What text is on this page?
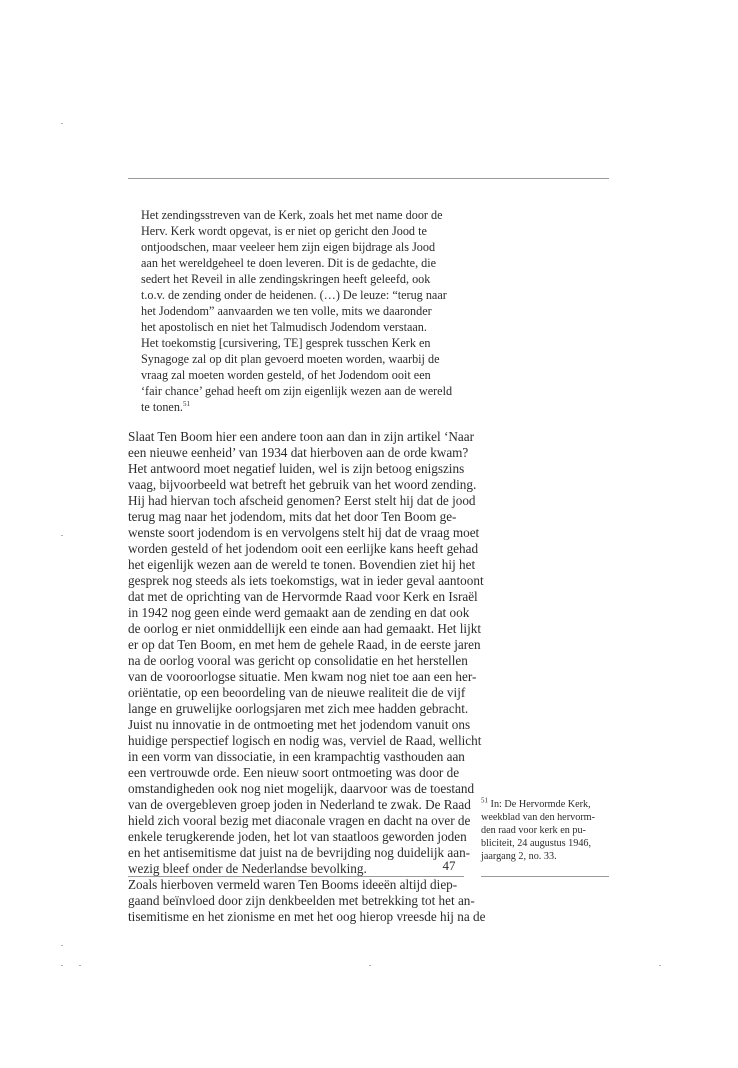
Het zendingsstreven van de Kerk, zoals het met name door de
Herv. Kerk wordt opgevat, is er niet op gericht den Jood te
ontjoodschen, maar veeleer hem zijn eigen bijdrage als Jood
aan het wereldgeheel te doen leveren. Dit is de gedachte, die
sedert het Reveil in alle zendingskringen heeft geleefd, ook
t.o.v. de zending onder de heidenen. (…) De leuze: “terug naar
het Jodendom” aanvaarden we ten volle, mits we daaronder
het apostolisch en niet het Talmudisch Jodendom verstaan.
Het toekomstig [cursivering, TE] gesprek tusschen Kerk en
Synagoge zal op dit plan gevoerd moeten worden, waarbij de
vraag zal moeten worden gesteld, of het Jodendom ooit een
‘fair chance’ gehad heeft om zijn eigenlijk wezen aan de wereld
te tonen.$^{51}$
Slaat Ten Boom hier een andere toon aan dan in zijn artikel ‘Naar
een nieuwe eenheid’ van 1934 dat hierboven aan de orde kwam?
Het antwoord moet negatief luiden, wel is zijn betoog enigszins
vaag, bijvoorbeeld wat betreft het gebruik van het woord zending.
Hij had hiervan toch afscheid genomen? Eerst stelt hij dat de jood
terug mag naar het jodendom, mits dat het door Ten Boom ge-
wenste soort jodendom is en vervolgens stelt hij dat de vraag moet
worden gesteld of het jodendom ooit een eerlijke kans heeft gehad
het eigenlijk wezen aan de wereld te tonen. Bovendien ziet hij het
gesprek nog steeds als iets toekomstigs, wat in ieder geval aantoont
dat met de oprichting van de Hervormde Raad voor Kerk en Israël
in 1942 nog geen einde werd gemaakt aan de zending en dat ook
de oorlog er niet onmiddellijk een einde aan had gemaakt. Het lijkt
er op dat Ten Boom, en met hem de gehele Raad, in de eerste jaren
na de oorlog vooral was gericht op consolidatie en het herstellen
van de vooroorlogse situatie. Men kwam nog niet toe aan een her-
oriëntatie, op een beoordeling van de nieuwe realiteit die de vijf
lange en gruwelijke oorlogsjaren met zich mee hadden gebracht.
Juist nu innovatie in de ontmoeting met het jodendom vanuit ons
huidige perspectief logisch en nodig was, verviel de Raad, wellicht
in een vorm van dissociatie, in een krampachtig vasthouden aan
een vertrouwde orde. Een nieuw soort ontmoeting was door de
omstandigheden ook nog niet mogelijk, daarvoor was de toestand
van de overgebleven groep joden in Nederland te zwak. De Raad
hield zich vooral bezig met diaconale vragen en dacht na over de
enkele terugkerende joden, het lot van staatloos geworden joden
en het antisemitisme dat juist na de bevrijding nog duidelijk aan-
wezig bleef onder de Nederlandse bevolking.
Zoals hierboven vermeld waren Ten Booms ideeën altijd diep-
gaand beïnvloed door zijn denkbeelden met betrekking tot het an-
tisemitisme en het zionisme en met het oog hierop vreesde hij na de
$^{51}$ In: De Hervormde Kerk,
weekblad van den hervorm-
den raad voor kerk en pu-
bliciteit, 24 augustus 1946,
jaargang 2, no. 33.
47
